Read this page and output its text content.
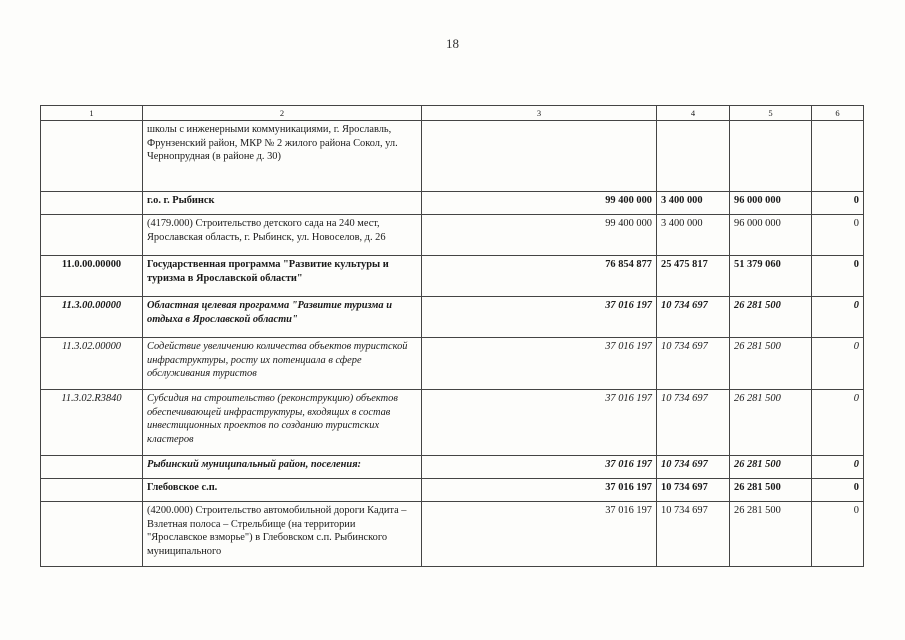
18
1	2	3	4	5	6
	школы с инженерными коммуникациями, г. Ярославль, Фрунзенский район, МКР № 2 жилого района Сокол, ул. Чернопрудная (в районе д. 30)				
	г.о. г. Рыбинск	99 400 000	3 400 000	96 000 000	0
	(4179.000) Строительство детского сада на 240 мест, Ярославская область, г. Рыбинск, ул. Новоселов, д. 26	99 400 000	3 400 000	96 000 000	0
11.0.00.00000	Государственная программа "Развитие культуры и туризма в Ярославской области"	76 854 877	25 475 817	51 379 060	0
11.3.00.00000	Областная целевая программа "Развитие туризма и отдыха в Ярославской области"	37 016 197	10 734 697	26 281 500	0
11.3.02.00000	Содействие увеличению количества объектов туристской инфраструктуры, росту их потенциала в сфере обслуживания туристов	37 016 197	10 734 697	26 281 500	0
11.3.02.R3840	Субсидия на строительство (реконструкцию) объектов обеспечивающей инфраструктуры, входящих в состав инвестиционных проектов по созданию туристских кластеров	37 016 197	10 734 697	26 281 500	0
	Рыбинский муниципальный район, поселения:	37 016 197	10 734 697	26 281 500	0
	Глебовское с.п.	37 016 197	10 734 697	26 281 500	0
	(4200.000) Строительство автомобильной дороги Кадита – Взлетная полоса – Стрельбище (на территории "Ярославское взморье") в Глебовском с.п. Рыбинского муниципального	37 016 197	10 734 697	26 281 500	0
